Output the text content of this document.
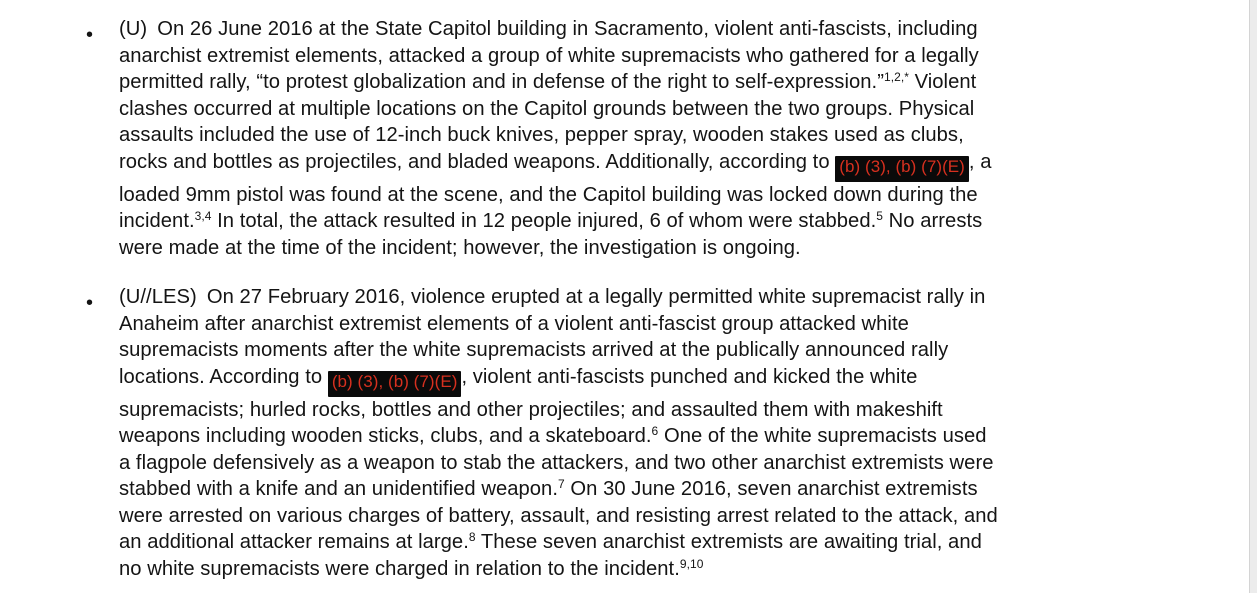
• (U) On 26 June 2016 at the State Capitol building in Sacramento, violent anti-fascists, including
anarchist extremist elements, attacked a group of white supremacists who gathered for a legally
permitted rally, “to protest globalization and in defense of the right to self-expression.”$^{1,2,*}$ Violent
clashes occurred at multiple locations on the Capitol grounds between the two groups. Physical
assaults included the use of 12-inch buck knives, pepper spray, wooden stakes used as clubs,
rocks and bottles as projectiles, and bladed weapons. Additionally, according to (b) (3), (b) (7)(E) , a
loaded 9mm pistol was found at the scene, and the Capitol building was locked down during the
incident.$^{3,4}$ In total, the attack resulted in 12 people injured, 6 of whom were stabbed.$^5$ No arrests
were made at the time of the incident; however, the investigation is ongoing.
• (U//LES) On 27 February 2016, violence erupted at a legally permitted white supremacist rally in
Anaheim after anarchist extremist elements of a violent anti-fascist group attacked white
supremacists moments after the white supremacists arrived at the publically announced rally
locations. According to (b) (3), (b) (7)(E) , violent anti-fascists punched and kicked the white
supremacists; hurled rocks, bottles and other projectiles; and assaulted them with makeshift
weapons including wooden sticks, clubs, and a skateboard.$^6$ One of the white supremacists used
a flagpole defensively as a weapon to stab the attackers, and two other anarchist extremists were
stabbed with a knife and an unidentified weapon.$^7$ On 30 June 2016, seven anarchist extremists
were arrested on various charges of battery, assault, and resisting arrest related to the attack, and
an additional attacker remains at large.$^8$ These seven anarchist extremists are awaiting trial, and
no white supremacists were charged in relation to the incident.$^{9,10}$
